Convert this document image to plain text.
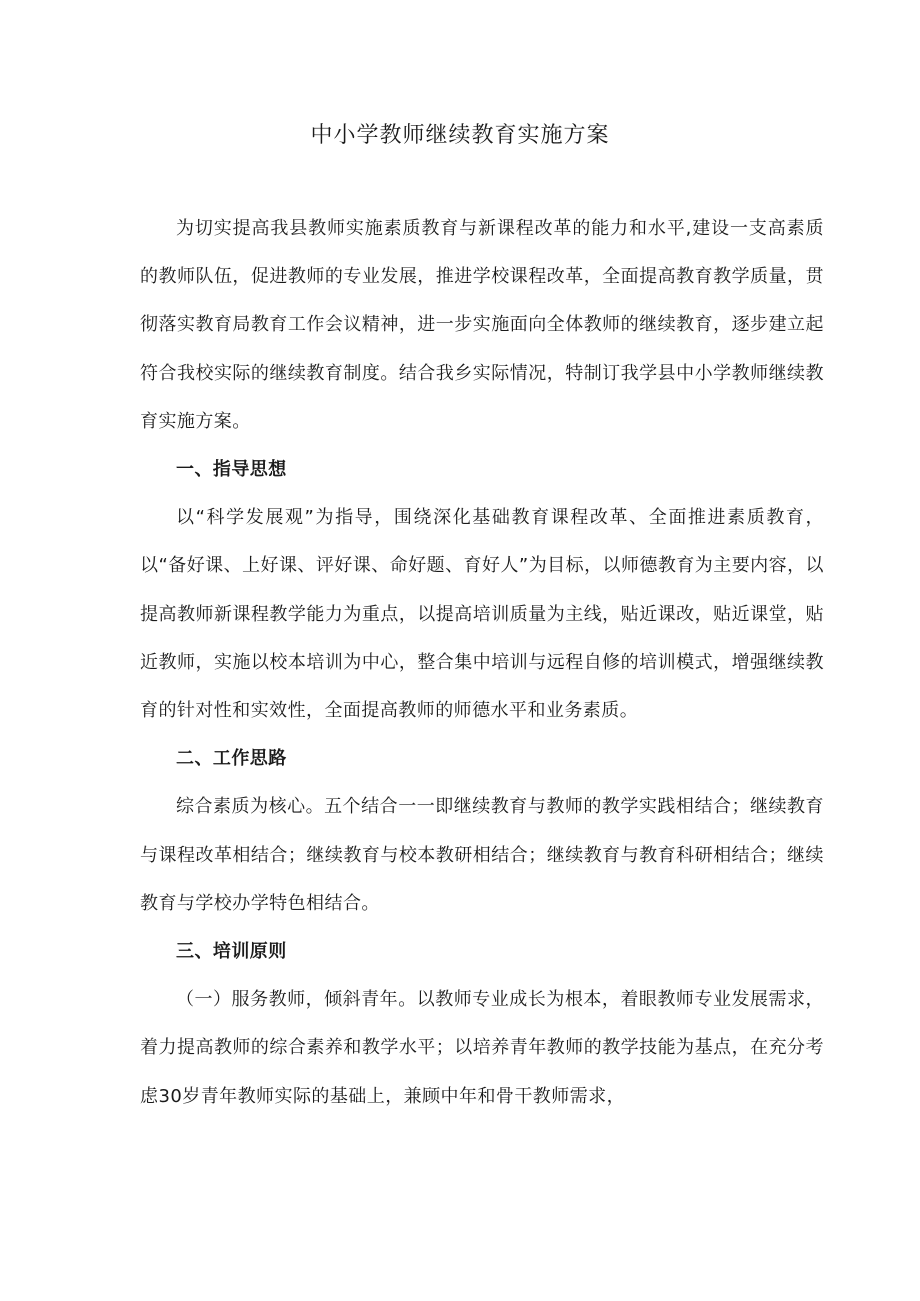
中小学教师继续教育实施方案

为切实提高我县教师实施素质教育与新课程改革的能力和水平,建设一支高素质的教师队伍，促进教师的专业发展，推进学校课程改革，全面提高教育教学质量，贯彻落实教育局教育工作会议精神，进一步实施面向全体教师的继续教育，逐步建立起符合我校实际的继续教育制度。结合我乡实际情况，特制订我学县中小学教师继续教育实施方案。

一、指导思想

以“科学发展观”为指导，围绕深化基础教育课程改革、全面推进素质教育，以“备好课、上好课、评好课、命好题、育好人”为目标，以师德教育为主要内容，以提高教师新课程教学能力为重点，以提高培训质量为主线，贴近课改，贴近课堂，贴近教师，实施以校本培训为中心，整合集中培训与远程自修的培训模式，增强继续教育的针对性和实效性，全面提高教师的师德水平和业务素质。

二、工作思路

综合素质为核心。五个结合一一即继续教育与教师的教学实践相结合；继续教育与课程改革相结合；继续教育与校本教研相结合；继续教育与教育科研相结合；继续教育与学校办学特色相结合。

三、培训原则

（一）服务教师，倾斜青年。以教师专业成长为根本，着眼教师专业发展需求，着力提高教师的综合素养和教学水平；以培养青年教师的教学技能为基点，在充分考虑30岁青年教师实际的基础上，兼顾中年和骨干教师需求，
